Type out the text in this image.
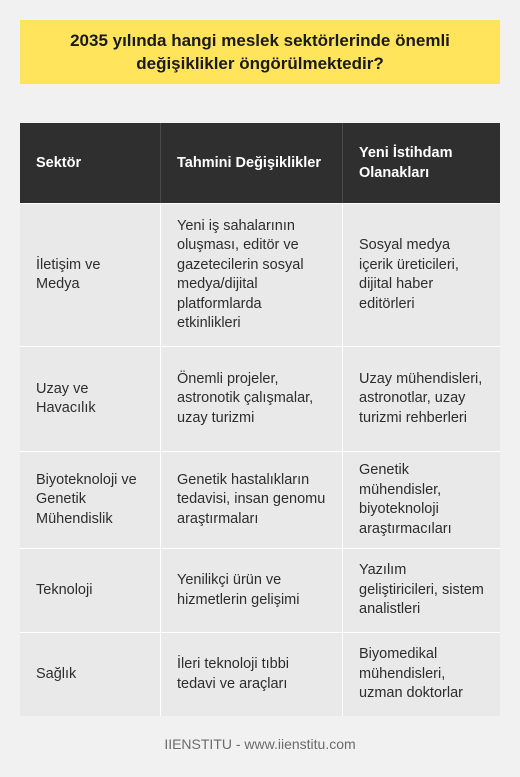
2035 yılında hangi meslek sektörlerinde önemli değişiklikler öngörülmektedir?
Sektör	Tahmini Değişiklikler	Yeni İstihdam Olanakları
İletişim ve Medya	Yeni iş sahalarının oluşması, editör ve gazetecilerin sosyal medya/dijital platformlarda etkinlikleri	Sosyal medya içerik üreticileri, dijital haber editörleri
Uzay ve Havacılık	Önemli projeler, astronotik çalışmalar, uzay turizmi	Uzay mühendisleri, astronotlar, uzay turizmi rehberleri
Biyoteknoloji ve Genetik Mühendislik	Genetik hastalıkların tedavisi, insan genomu araştırmaları	Genetik mühendisler, biyoteknoloji araştırmacıları
Teknoloji	Yenilikçi ürün ve hizmetlerin gelişimi	Yazılım geliştiricileri, sistem analistleri
Sağlık	İleri teknoloji tıbbi tedavi ve araçları	Biyomedikal mühendisleri, uzman doktorlar
IIENSTITU - www.iienstitu.com
